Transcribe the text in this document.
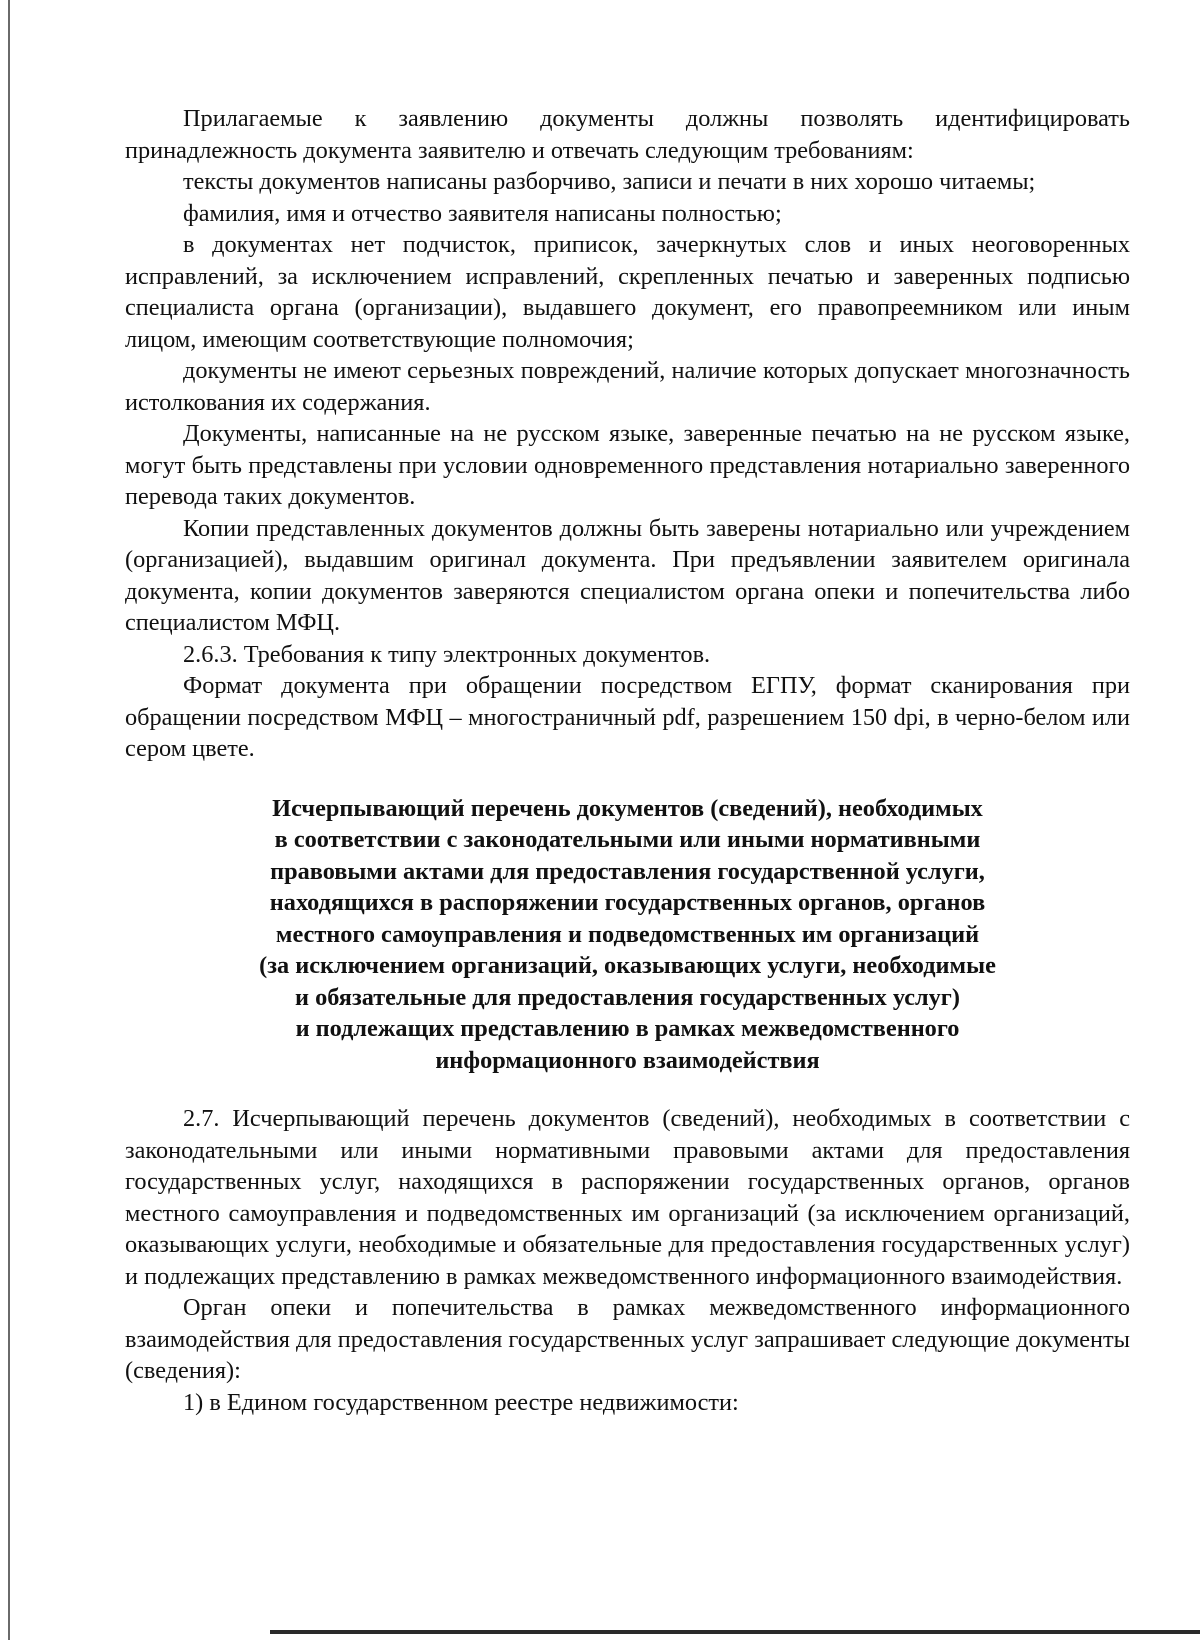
Прилагаемые к заявлению документы должны позволять идентифицировать принадлежность документа заявителю и отвечать следующим требованиям:

тексты документов написаны разборчиво, записи и печати в них хорошо читаемы;

фамилия, имя и отчество заявителя написаны полностью;

в документах нет подчисток, приписок, зачеркнутых слов и иных неоговоренных исправлений, за исключением исправлений, скрепленных печатью и заверенных подписью специалиста органа (организации), выдавшего документ, его правопреемником или иным лицом, имеющим соответствующие полномочия;

документы не имеют серьезных повреждений, наличие которых допускает многозначность истолкования их содержания.

Документы, написанные на не русском языке, заверенные печатью на не русском языке, могут быть представлены при условии одновременного представления нотариально заверенного перевода таких документов.

Копии представленных документов должны быть заверены нотариально или учреждением (организацией), выдавшим оригинал документа. При предъявлении заявителем оригинала документа, копии документов заверяются специалистом органа опеки и попечительства либо специалистом МФЦ.

2.6.3. Требования к типу электронных документов.

Формат документа при обращении посредством ЕГПУ, формат сканирования при обращении посредством МФЦ – многостраничный pdf, разрешением 150 dpi, в черно-белом или сером цвете.

Исчерпывающий перечень документов (сведений), необходимых
в соответствии с законодательными или иными нормативными
правовыми актами для предоставления государственной услуги,
находящихся в распоряжении государственных органов, органов
местного самоуправления и подведомственных им организаций
(за исключением организаций, оказывающих услуги, необходимые
и обязательные для предоставления государственных услуг)
и подлежащих представлению в рамках межведомственного
информационного взаимодействия

2.7. Исчерпывающий перечень документов (сведений), необходимых в соответствии с законодательными или иными нормативными правовыми актами для предоставления государственных услуг, находящихся в распоряжении государственных органов, органов местного самоуправления и подведомственных им организаций (за исключением организаций, оказывающих услуги, необходимые и обязательные для предоставления государственных услуг) и подлежащих представлению в рамках межведомственного информационного взаимодействия.

Орган опеки и попечительства в рамках межведомственного информационного взаимодействия для предоставления государственных услуг запрашивает следующие документы (сведения):

1) в Едином государственном реестре недвижимости:
